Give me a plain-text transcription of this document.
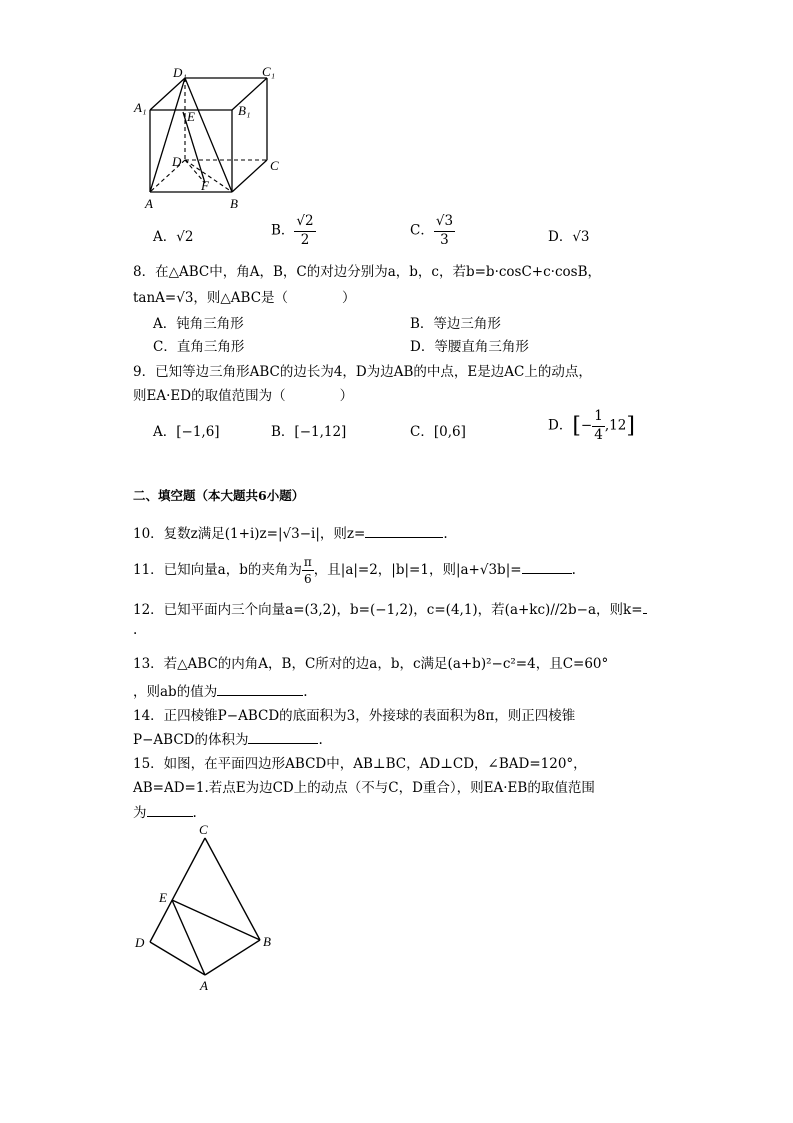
D₁	C₁
A₁	B₁
E
D	C
F
A	B
A．√2	B． $\frac{√2}{2}$	C． $\frac{√3}{3}$	D．√3
8．在△ABC中，角A，B，C的对边分别为a，b，c，若b=b·cosC+c·cosB，
tanA=√3，则△ABC是（　　　　）
A．钝角三角形	B．等边三角形
C．直角三角形	D．等腰直角三角形
9．已知等边三角形ABC的边长为4，D为边AB的中点，E是边AC上的动点，
则EA·ED的取值范围为（　　　　）
A．[−1,6]	B．[−1,12]	C．[0,6]	D．[− $\frac{1}{4} ,12$]
二、填空题（本大题共6小题）
10．复数z满足(1+i)z=|√3−i|，则z=	.
11．已知向量a，b的夹角为 $\frac{\pi}{6}$ ，且|a|=2，|b|=1，则|a+√3b|=	.
12．已知平面内三个向量a=(3,2)，b=(−1,2)，c=(4,1)，若(a+kc)//2b−a，则k=
.
13．若△ABC的内角A，B，C所对的边a，b，c满足(a+b)²−c²=4，且C=60°
，则ab的值为	.
14．正四棱锥P−ABCD的底面积为3，外接球的表面积为8π，则正四棱锥
P−ABCD的体积为	.
15．如图，在平面四边形ABCD中，AB⊥BC，AD⊥CD，∠BAD=120°，
AB=AD=1.若点E为边CD上的动点（不与C，D重合），则EA·EB的取值范围
为	.
C
E
D	B
A
